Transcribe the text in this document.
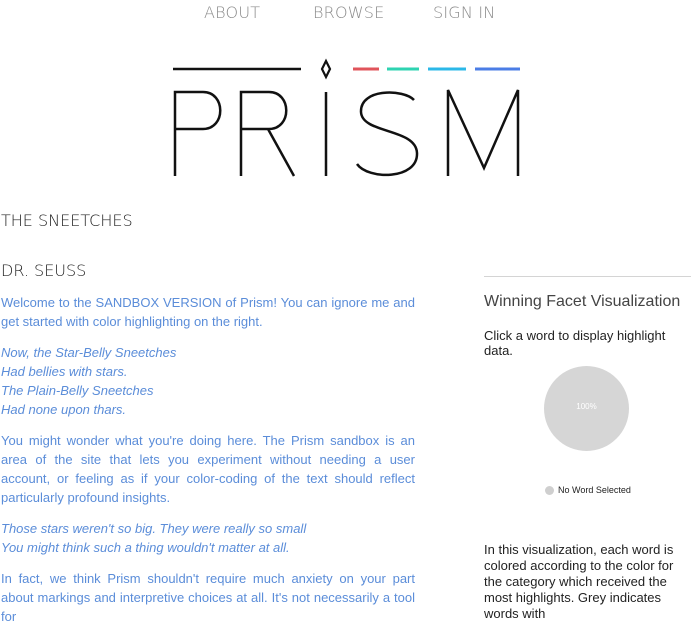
ABOUT	BROWSE	SIGN IN
THE SNEETCHES
DR. SEUSS

Welcome to the SANDBOX VERSION of Prism! You can ignore me and get started with color highlighting on the right.

Now, the Star-Belly Sneetches
Had bellies with stars.
The Plain-Belly Sneetches
Had none upon thars.

You might wonder what you're doing here. The Prism sandbox is an area of the site that lets you experiment without needing a user account, or feeling as if your color-coding of the text should reflect particularly profound insights.

Those stars weren't so big. They were really so small
You might think such a thing wouldn't matter at all.

In fact, we think Prism shouldn't require much anxiety on your part about markings and interpretive choices at all. It's not necessarily a tool for

Winning Facet Visualization
Click a word to display highlight data.
100%
No Word Selected
In this visualization, each word is colored according to the color for the category which received the most highlights. Grey indicates words with
